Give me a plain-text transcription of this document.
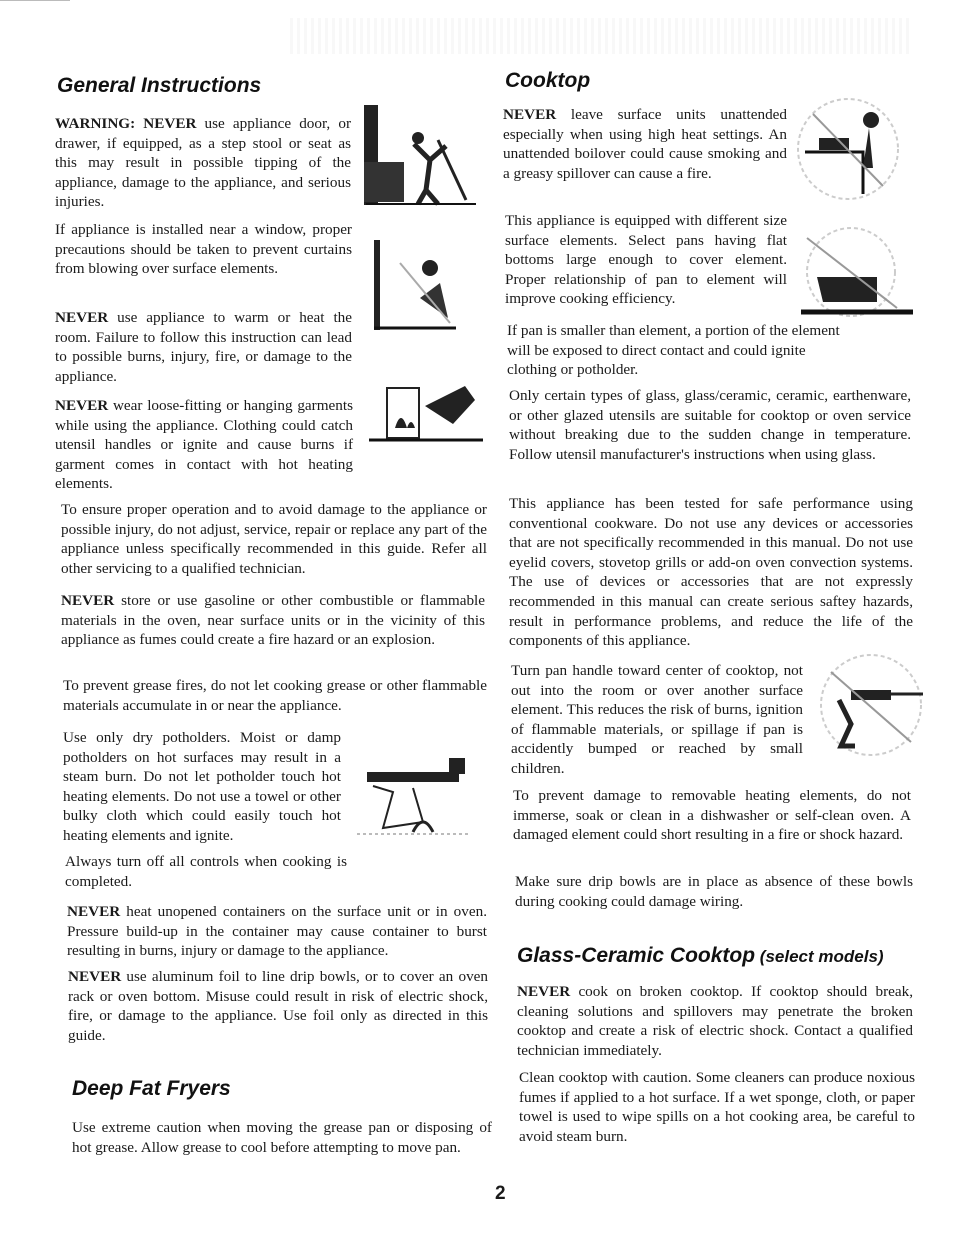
General Instructions

WARNING: NEVER use appliance door, or drawer, if equipped, as a step stool or seat as this may result in possible tipping of the appliance, damage to the appliance, and serious injuries.

If appliance is installed near a window, proper precautions should be taken to prevent curtains from blowing over surface elements.

NEVER use appliance to warm or heat the room. Failure to follow this instruction can lead to possible burns, injury, fire, or damage to the appliance.

NEVER wear loose-fitting or hanging garments while using the appliance. Clothing could catch utensil handles or ignite and cause burns if garment comes in contact with hot heating elements.

To ensure proper operation and to avoid damage to the appliance or possible injury, do not adjust, service, repair or replace any part of the appliance unless specifically recommended in this guide. Refer all other servicing to a qualified technician.

NEVER store or use gasoline or other combustible or flammable materials in the oven, near surface units or in the vicinity of this appliance as fumes could create a fire hazard or an explosion.

To prevent grease fires, do not let cooking grease or other flammable materials accumulate in or near the appliance.

Use only dry potholders. Moist or damp potholders on hot surfaces may result in a steam burn. Do not let potholder touch hot heating elements. Do not use a towel or other bulky cloth which could easily touch hot heating elements and ignite.

Always turn off all controls when cooking is completed.

NEVER heat unopened containers on the surface unit or in oven. Pressure build-up in the container may cause container to burst resulting in burns, injury or damage to the appliance.

NEVER use aluminum foil to line drip bowls, or to cover an oven rack or oven bottom. Misuse could result in risk of electric shock, fire, or damage to the appliance. Use foil only as directed in this guide.

Deep Fat Fryers

Use extreme caution when moving the grease pan or disposing of hot grease. Allow grease to cool before attempting to move pan.

Cooktop

NEVER leave surface units unattended especially when using high heat settings. An unattended boilover could cause smoking and a greasy spillover can cause a fire.

This appliance is equipped with different size surface elements. Select pans having flat bottoms large enough to cover element. Proper relationship of pan to element will improve cooking efficiency.

If pan is smaller than element, a portion of the element will be exposed to direct contact and could ignite clothing or potholder.

Only certain types of glass, glass/ceramic, ceramic, earthenware, or other glazed utensils are suitable for cooktop or oven service without breaking due to the sudden change in temperature. Follow utensil manufacturer's instructions when using glass.

This appliance has been tested for safe performance using conventional cookware. Do not use any devices or accessories that are not specifically recommended in this manual. Do not use eyelid covers, stovetop grills or add-on oven convection systems. The use of devices or accessories that are not expressly recommended in this manual can create serious saftey hazards, result in performance problems, and reduce the life of the components of this appliance.

Turn pan handle toward center of cooktop, not out into the room or over another surface element. This reduces the risk of burns, ignition of flammable materials, or spillage if pan is accidently bumped or reached by small children.

To prevent damage to removable heating elements, do not immerse, soak or clean in a dishwasher or self-clean oven. A damaged element could short resulting in a fire or shock hazard.

Make sure drip bowls are in place as absence of these bowls during cooking could damage wiring.

Glass-Ceramic Cooktop (select models)

NEVER cook on broken cooktop. If cooktop should break, cleaning solutions and spillovers may penetrate the broken cooktop and create a risk of electric shock. Contact a qualified technician immediately.

Clean cooktop with caution. Some cleaners can produce noxious fumes if applied to a hot surface. If a wet sponge, cloth, or paper towel is used to wipe spills on a hot cooking area, be careful to avoid steam burn.

2
